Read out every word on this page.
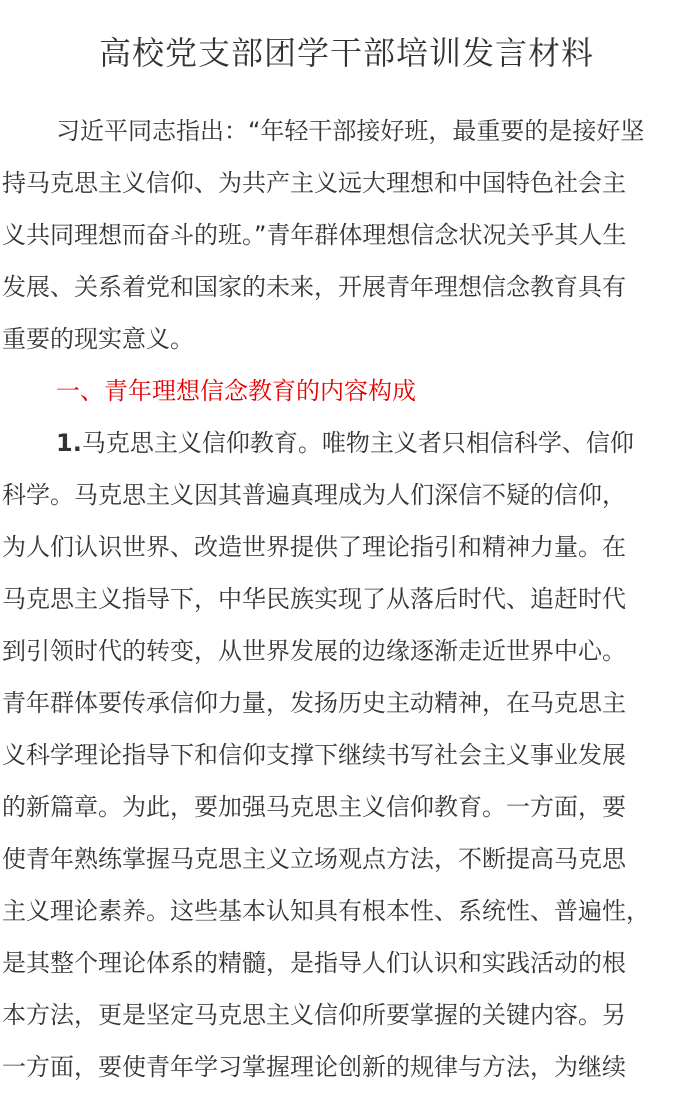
高校党支部团学干部培训发言材料
习近平同志指出：“年轻干部接好班，最重要的是接好坚
持马克思主义信仰、为共产主义远大理想和中国特色社会主
义共同理想而奋斗的班。”青年群体理想信念状况关乎其人生
发展、关系着党和国家的未来，开展青年理想信念教育具有
重要的现实意义。
一、青年理想信念教育的内容构成
1.马克思主义信仰教育。唯物主义者只相信科学、信仰
科学。马克思主义因其普遍真理成为人们深信不疑的信仰，
为人们认识世界、改造世界提供了理论指引和精神力量。在
马克思主义指导下，中华民族实现了从落后时代、追赶时代
到引领时代的转变，从世界发展的边缘逐渐走近世界中心。
青年群体要传承信仰力量，发扬历史主动精神，在马克思主
义科学理论指导下和信仰支撑下继续书写社会主义事业发展
的新篇章。为此，要加强马克思主义信仰教育。一方面，要
使青年熟练掌握马克思主义立场观点方法，不断提高马克思
主义理论素养。这些基本认知具有根本性、系统性、普遍性，
是其整个理论体系的精髓，是指导人们认识和实践活动的根
本方法，更是坚定马克思主义信仰所要掌握的关键内容。另
一方面，要使青年学习掌握理论创新的规律与方法，为继续
